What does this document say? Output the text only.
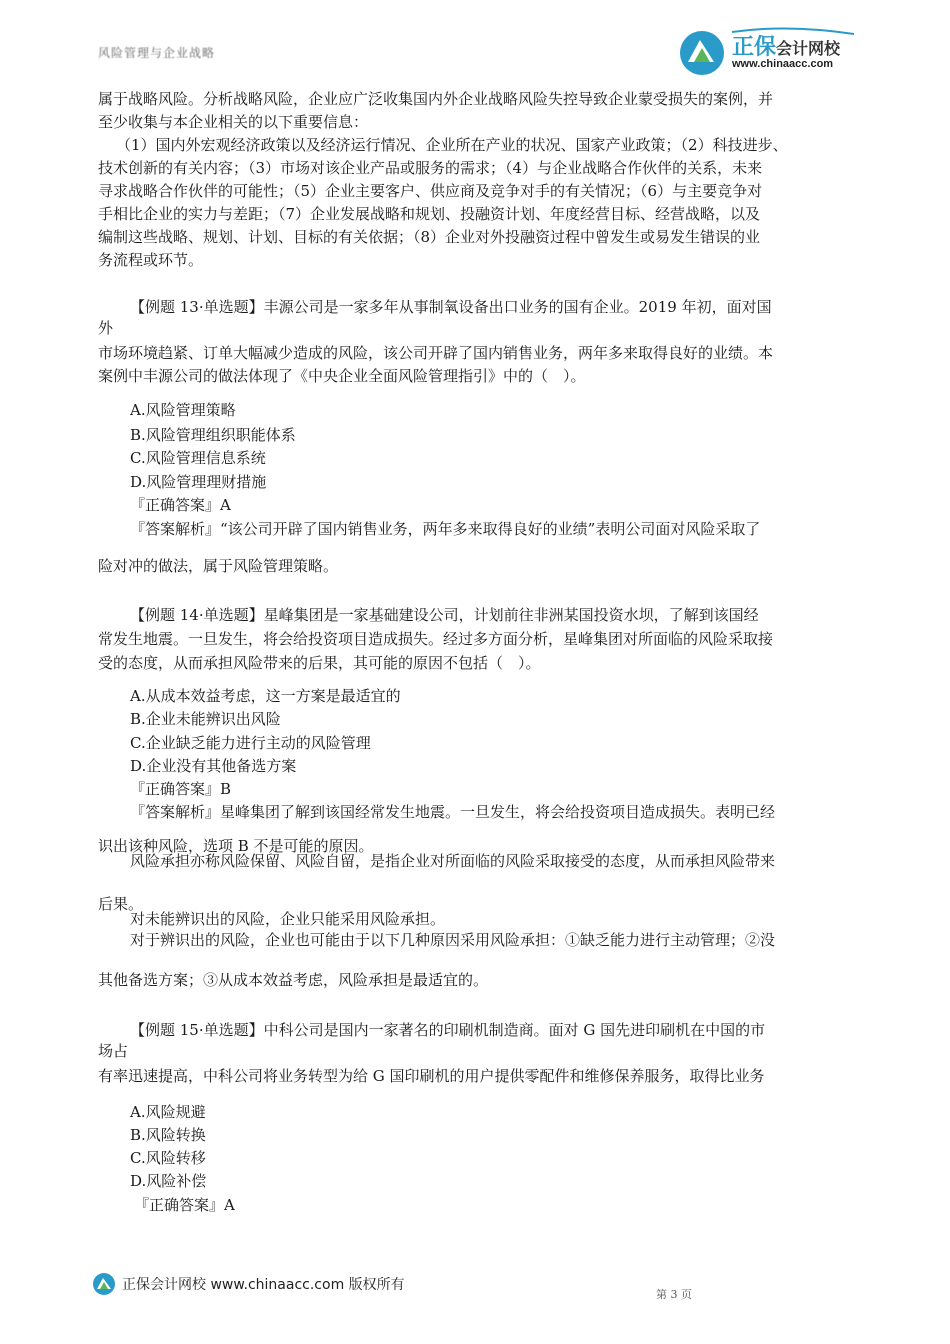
风险管理与企业战略	正保会计网校
www.chinaacc.com
属于战略风险。分析战略风险，企业应广泛收集国内外企业战略风险失控导致企业蒙受损失的案例，并
至少收集与本企业相关的以下重要信息：
（1）国内外宏观经济政策以及经济运行情况、企业所在产业的状况、国家产业政策；（2）科技进步、
技术创新的有关内容；（3）市场对该企业产品或服务的需求；（4）与企业战略合作伙伴的关系，未来
寻求战略合作伙伴的可能性；（5）企业主要客户、供应商及竞争对手的有关情况；（6）与主要竞争对
手相比企业的实力与差距；（7）企业发展战略和规划、投融资计划、年度经营目标、经营战略，以及
编制这些战略、规划、计划、目标的有关依据；（8）企业对外投融资过程中曾发生或易发生错误的业
务流程或环节。
【例题 13·单选题】丰源公司是一家多年从事制氧设备出口业务的国有企业。2019 年初，面对国
外
市场环境趋紧、订单大幅减少造成的风险，该公司开辟了国内销售业务，两年多来取得良好的业绩。本
案例中丰源公司的做法体现了《中央企业全面风险管理指引》中的（　）。
A.风险管理策略
B.风险管理组织职能体系
C.风险管理信息系统
D.风险管理理财措施
『正确答案』A
『答案解析』“该公司开辟了国内销售业务，两年多来取得良好的业绩”表明公司面对风险采取了
险对冲的做法，属于风险管理策略。
【例题 14·单选题】星峰集团是一家基础建设公司，计划前往非洲某国投资水坝，了解到该国经
常发生地震。一旦发生，将会给投资项目造成损失。经过多方面分析，星峰集团对所面临的风险采取接
受的态度，从而承担风险带来的后果，其可能的原因不包括（　）。
A.从成本效益考虑，这一方案是最适宜的
B.企业未能辨识出风险
C.企业缺乏能力进行主动的风险管理
D.企业没有其他备选方案
『正确答案』B
『答案解析』星峰集团了解到该国经常发生地震。一旦发生，将会给投资项目造成损失。表明已经
识出该种风险，选项 B 不是可能的原因。
风险承担亦称风险保留、风险自留，是指企业对所面临的风险采取接受的态度，从而承担风险带来
后果。
对未能辨识出的风险，企业只能采用风险承担。
对于辨识出的风险，企业也可能由于以下几种原因采用风险承担：①缺乏能力进行主动管理；②没
其他备选方案；③从成本效益考虑，风险承担是最适宜的。
【例题 15·单选题】中科公司是国内一家著名的印刷机制造商。面对 G 国先进印刷机在中国的市
场占
有率迅速提高，中科公司将业务转型为给 G 国印刷机的用户提供零配件和维修保养服务，取得比业务
A.风险规避
B.风险转换
C.风险转移
D.风险补偿
『正确答案』A
正保会计网校 www.chinaacc.com 版权所有
第 3 页
